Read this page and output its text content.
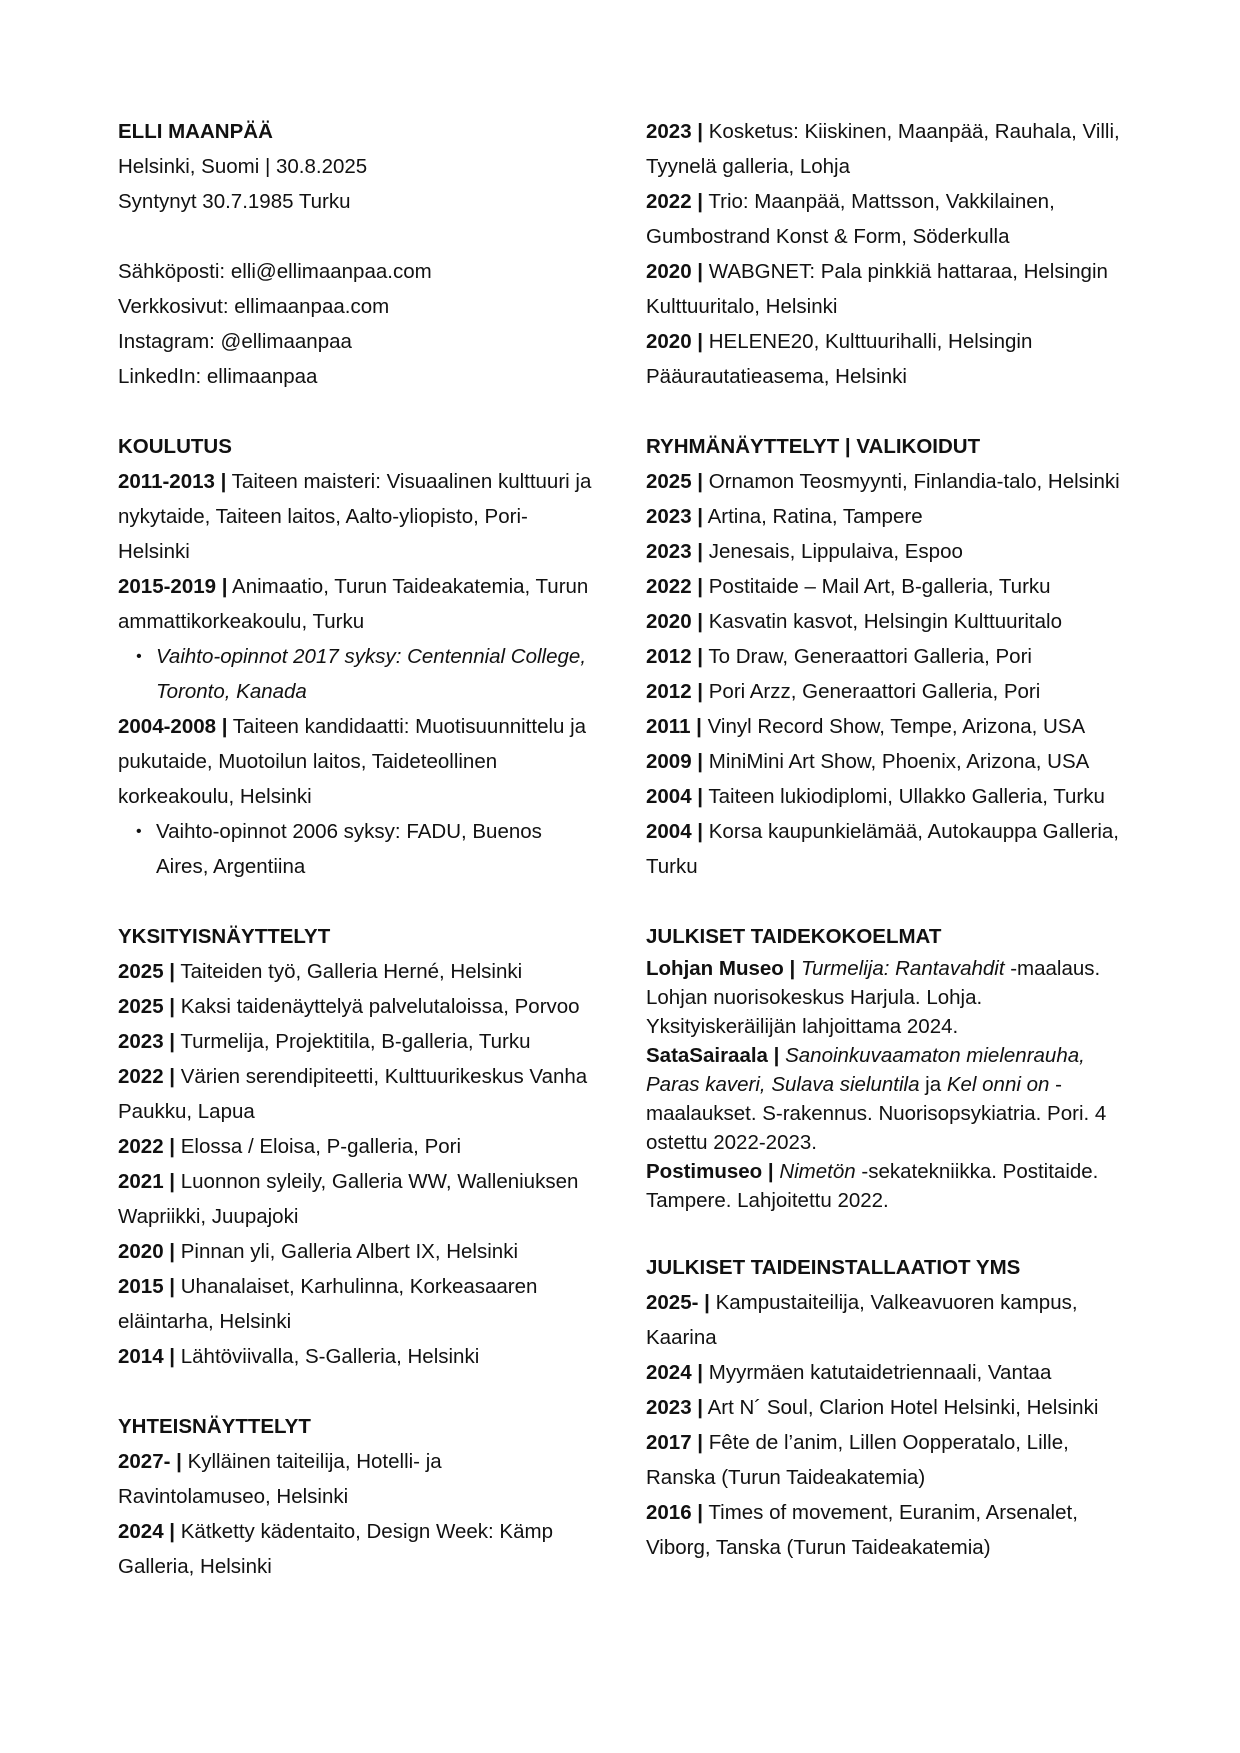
ELLI MAANPÄÄ
Helsinki, Suomi | 30.8.2025
Syntynyt 30.7.1985 Turku
Sähköposti: elli@ellimaanpaa.com
Verkkosivut: ellimaanpaa.com
Instagram: @ellimaanpaa
LinkedIn: ellimaanpaa
KOULUTUS
2011-2013 | Taiteen maisteri: Visuaalinen kulttuuri ja nykytaide, Taiteen laitos, Aalto-yliopisto, Pori-Helsinki
2015-2019 | Animaatio, Turun Taideakatemia, Turun ammattikorkeakoulu, Turku
• Vaihto-opinnot 2017 syksy: Centennial College, Toronto, Kanada
2004-2008 | Taiteen kandidaatti: Muotisuunnittelu ja pukutaide, Muotoilun laitos, Taideteollinen korkeakoulu, Helsinki
• Vaihto-opinnot 2006 syksy: FADU, Buenos Aires, Argentiina
YKSITYISNÄYTTELYT
2025 | Taiteiden työ, Galleria Herné, Helsinki
2025 | Kaksi taidenäyttelyä palvelutaloissa, Porvoo
2023 | Turmelija, Projektitila, B-galleria, Turku
2022 | Värien serendipiteetti, Kulttuurikeskus Vanha Paukku, Lapua
2022 | Elossa / Eloisa, P-galleria, Pori
2021 | Luonnon syleily, Galleria WW, Walleniuksen Wapriikki, Juupajoki
2020 | Pinnan yli, Galleria Albert IX, Helsinki
2015 | Uhanalaiset, Karhulinna, Korkeasaaren eläintarha, Helsinki
2014 | Lähtöviivalla, S-Galleria, Helsinki
YHTEISNÄYTTELYT
2027- | Kylläinen taiteilija, Hotelli- ja Ravintolamuseo, Helsinki
2024 | Kätketty kädentaito, Design Week: Kämp Galleria, Helsinki
2023 | Kosketus: Kiiskinen, Maanpää, Rauhala, Villi, Tyynelä galleria, Lohja
2022 | Trio: Maanpää, Mattsson, Vakkilainen, Gumbostrand Konst & Form, Söderkulla
2020 | WABGNET: Pala pinkkiä hattaraa, Helsingin Kulttuuritalo, Helsinki
2020 | HELENE20, Kulttuurihalli, Helsingin Pääurautatieasema, Helsinki
RYHMÄNÄYTTELYT | VALIKOIDUT
2025 | Ornamon Teosmyynti, Finlandia-talo, Helsinki
2023 | Artina, Ratina, Tampere
2023 | Jenesais, Lippulaiva, Espoo
2022 | Postitaide – Mail Art, B-galleria, Turku
2020 | Kasvatin kasvot, Helsingin Kulttuuritalo
2012 | To Draw, Generaattori Galleria, Pori
2012 | Pori Arzz, Generaattori Galleria, Pori
2011 | Vinyl Record Show, Tempe, Arizona, USA
2009 | MiniMini Art Show, Phoenix, Arizona, USA
2004 | Taiteen lukiodiplomi, Ullakko Galleria, Turku
2004 | Korsa kaupunkielämää, Autokauppa Galleria, Turku
JULKISET TAIDEKOKOELMAT
Lohjan Museo | Turmelija: Rantavahdit -maalaus. Lohjan nuorisokeskus Harjula. Lohja. Yksityiskeräilijän lahjoittama 2024.
SataSairaala | Sanoinkuvaamaton mielenrauha, Paras kaveri, Sulava sieluntila ja Kel onni on -maalaukset. S-rakennus. Nuorisopsykiatria. Pori. 4 ostettu 2022-2023.
Postimuseo | Nimetön -sekatekniikka. Postitaide. Tampere. Lahjoitettu 2022.
JULKISET TAIDEINSTALLAATIOT YMS
2025- | Kampustaiteilija, Valkeavuoren kampus, Kaarina
2024 | Myyrmäen katutaidetriennaali, Vantaa
2023 | Art N´ Soul, Clarion Hotel Helsinki, Helsinki
2017 | Fête de l’anim, Lillen Oopperatalo, Lille, Ranska (Turun Taideakatemia)
2016 | Times of movement, Euranim, Arsenalet, Viborg, Tanska (Turun Taideakatemia)
